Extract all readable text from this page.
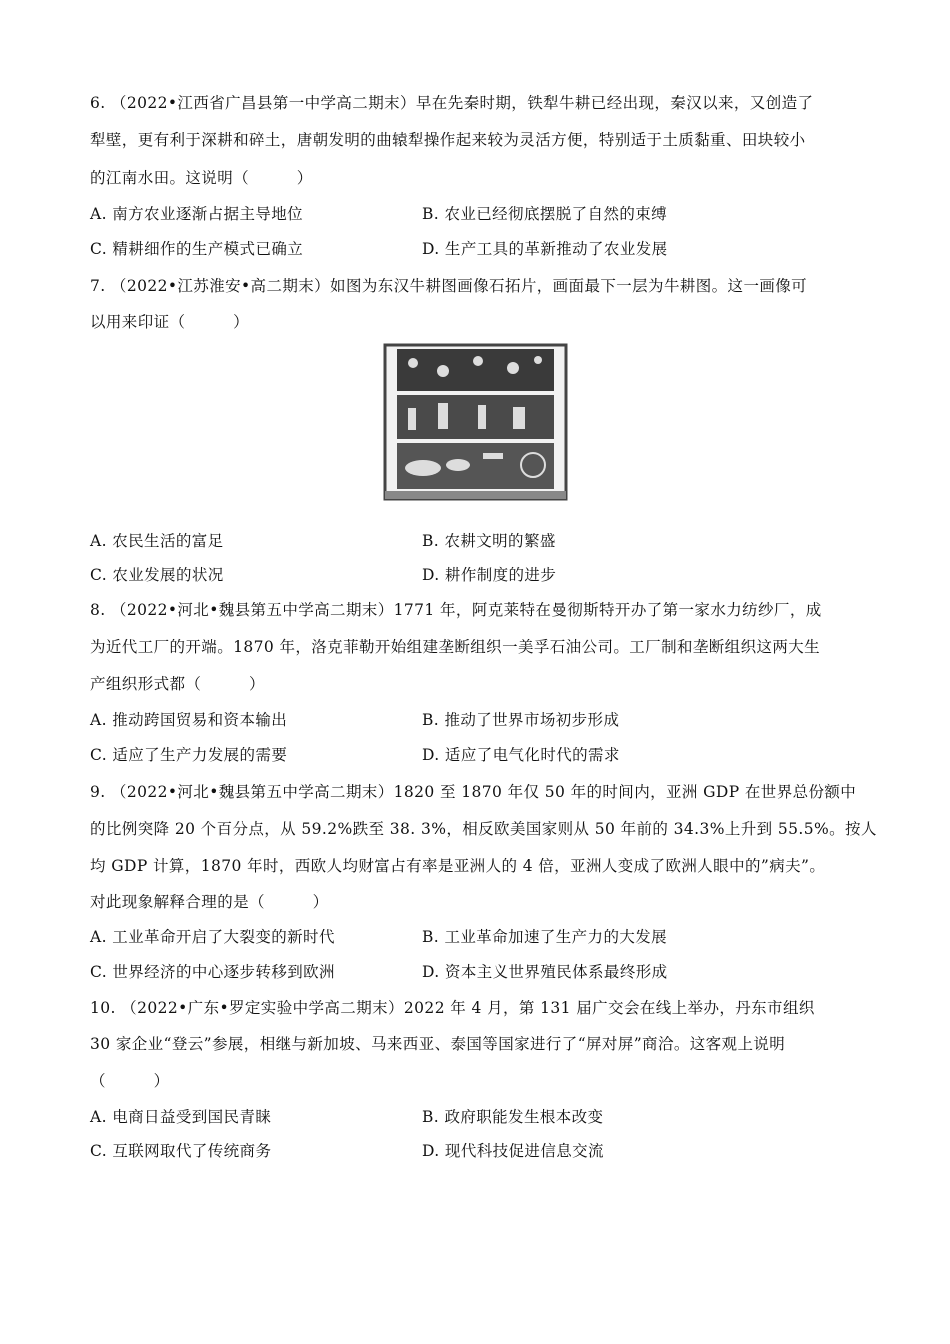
6. （2022•江西省广昌县第一中学高二期末）早在先秦时期，铁犁牛耕已经出现，秦汉以来，又创造了
犁壁，更有利于深耕和碎土，唐朝发明的曲辕犁操作起来较为灵活方便，特别适于土质黏重、田块较小
的江南水田。这说明（　　　）
A. 南方农业逐渐占据主导地位	B. 农业已经彻底摆脱了自然的束缚
C. 精耕细作的生产模式已确立	D. 生产工具的革新推动了农业发展
7. （2022•江苏淮安•高二期末）如图为东汉牛耕图画像石拓片，画面最下一层为牛耕图。这一画像可
以用来印证（　　　）
A. 农民生活的富足	B. 农耕文明的繁盛
C. 农业发展的状况	D. 耕作制度的进步
8. （2022•河北•魏县第五中学高二期末）1771 年，阿克莱特在曼彻斯特开办了第一家水力纺纱厂，成
为近代工厂的开端。1870 年，洛克菲勒开始组建垄断组织一美孚石油公司。工厂制和垄断组织这两大生
产组织形式都（　　　）
A. 推动跨国贸易和资本输出	B. 推动了世界市场初步形成
C. 适应了生产力发展的需要	D. 适应了电气化时代的需求
9. （2022•河北•魏县第五中学高二期末）1820 至 1870 年仅 50 年的时间内，亚洲 GDP 在世界总份额中
的比例突降 20 个百分点，从 59.2%跌至 38. 3%，相反欧美国家则从 50 年前的 34.3%上升到 55.5%。按人
均 GDP 计算，1870 年时，西欧人均财富占有率是亚洲人的 4 倍，亚洲人变成了欧洲人眼中的”病夫”。
对此现象解释合理的是（　　　）
A. 工业革命开启了大裂变的新时代	B. 工业革命加速了生产力的大发展
C. 世界经济的中心逐步转移到欧洲	D. 资本主义世界殖民体系最终形成
10. （2022•广东•罗定实验中学高二期末）2022 年 4 月，第 131 届广交会在线上举办，丹东市组织
30 家企业“登云”参展，相继与新加坡、马来西亚、泰国等国家进行了“屏对屏”商洽。这客观上说明
（　　　）
A. 电商日益受到国民青睐	B. 政府职能发生根本改变
C. 互联网取代了传统商务	D. 现代科技促进信息交流
